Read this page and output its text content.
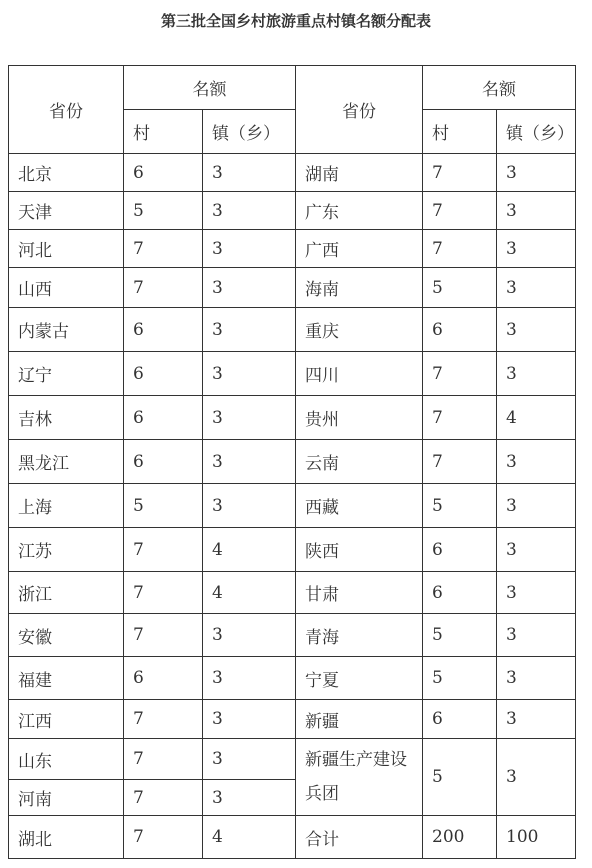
第三批全国乡村旅游重点村镇名额分配表
省份	名额		省份	名额	
	村	镇（乡）		村	镇（乡）
北京	6	3	湖南	7	3
天津	5	3	广东	7	3
河北	7	3	广西	7	3
山西	7	3	海南	5	3
内蒙古	6	3	重庆	6	3
辽宁	6	3	四川	7	3
吉林	6	3	贵州	7	4
黑龙江	6	3	云南	7	3
上海	5	3	西藏	5	3
江苏	7	4	陕西	6	3
浙江	7	4	甘肃	6	3
安徽	7	3	青海	5	3
福建	6	3	宁夏	5	3
江西	7	3	新疆	6	3
山东	7	3	新疆生产建设兵团	5	3
河南	7	3			
湖北	7	4	合计	200	100
